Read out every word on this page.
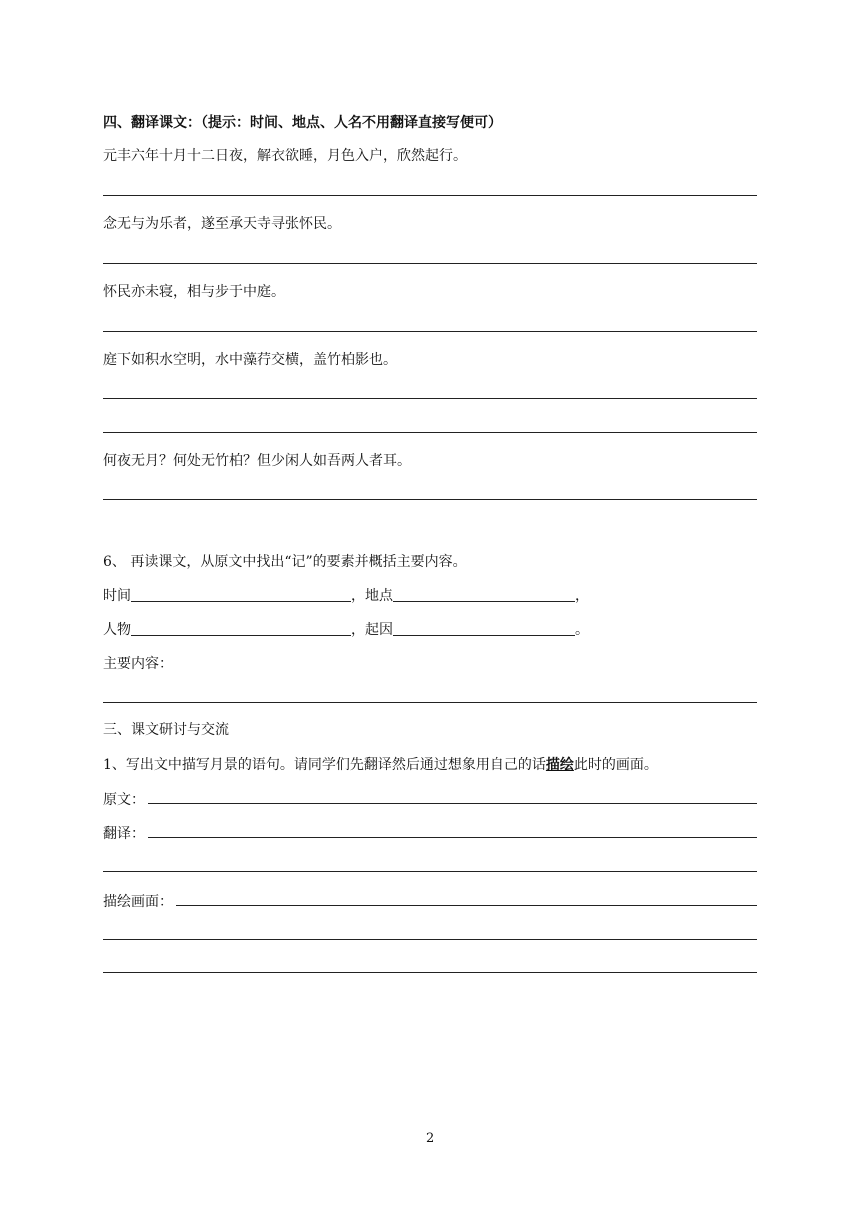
四、翻译课文：（提示：时间、地点、人名不用翻译直接写便可）
元丰六年十月十二日夜，解衣欲睡，月色入户，欣然起行。
念无与为乐者，遂至承天寺寻张怀民。
怀民亦未寝，相与步于中庭。
庭下如积水空明，水中藻荇交横，盖竹柏影也。
何夜无月？何处无竹柏？但少闲人如吾两人者耳。
6、 再读课文，从原文中找出“记”的要素并概括主要内容。
时间	，地点	，
人物	，起因	。
主要内容：
三、课文研讨与交流
1、写出文中描写月景的语句。请同学们先翻译然后通过想象用自己的话描绘此时的画面。
原文：
翻译：
描绘画面：
2
